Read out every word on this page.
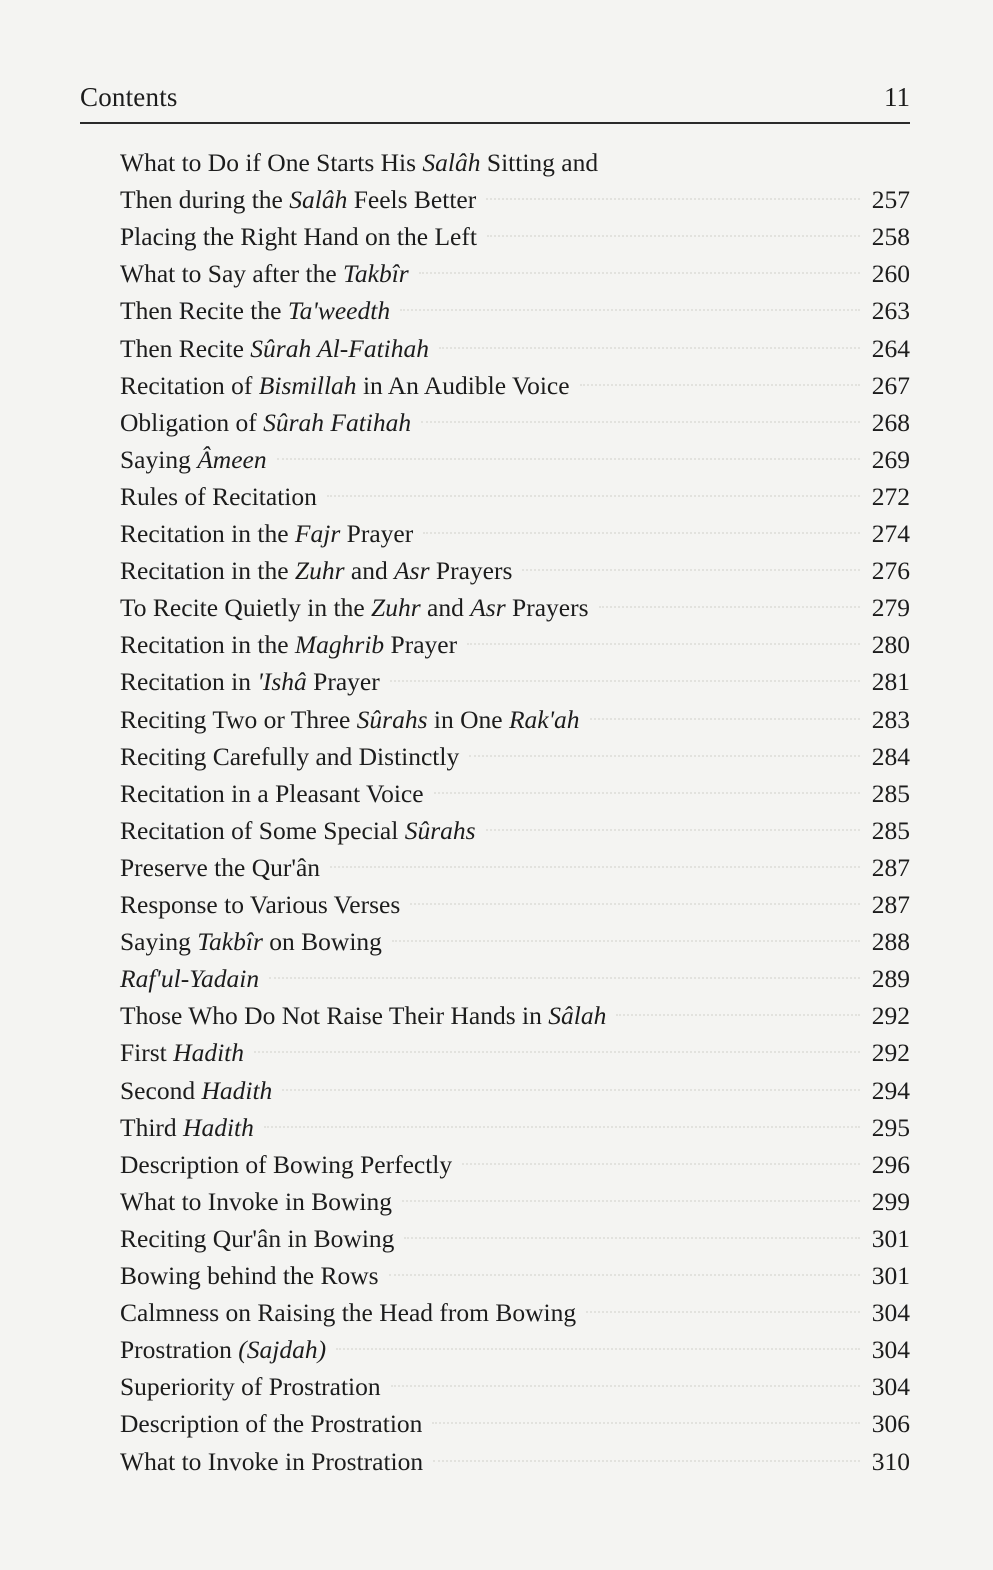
Contents	11
What to Do if One Starts His Salâh Sitting and
Then during the Salâh Feels Better	257
Placing the Right Hand on the Left	258
What to Say after the Takbîr	260
Then Recite the Ta'weedth	263
Then Recite Sûrah Al-Fatihah	264
Recitation of Bismillah in An Audible Voice	267
Obligation of Sûrah Fatihah	268
Saying Âmeen	269
Rules of Recitation	272
Recitation in the Fajr Prayer	274
Recitation in the Zuhr and Asr Prayers	276
To Recite Quietly in the Zuhr and Asr Prayers	279
Recitation in the Maghrib Prayer	280
Recitation in 'Ishâ Prayer	281
Reciting Two or Three Sûrahs in One Rak'ah	283
Reciting Carefully and Distinctly	284
Recitation in a Pleasant Voice	285
Recitation of Some Special Sûrahs	285
Preserve the Qur'ân	287
Response to Various Verses	287
Saying Takbîr on Bowing	288
Raf'ul-Yadain	289
Those Who Do Not Raise Their Hands in Sâlah	292
First Hadith	292
Second Hadith	294
Third Hadith	295
Description of Bowing Perfectly	296
What to Invoke in Bowing	299
Reciting Qur'ân in Bowing	301
Bowing behind the Rows	301
Calmness on Raising the Head from Bowing	304
Prostration (Sajdah)	304
Superiority of Prostration	304
Description of the Prostration	306
What to Invoke in Prostration	310
